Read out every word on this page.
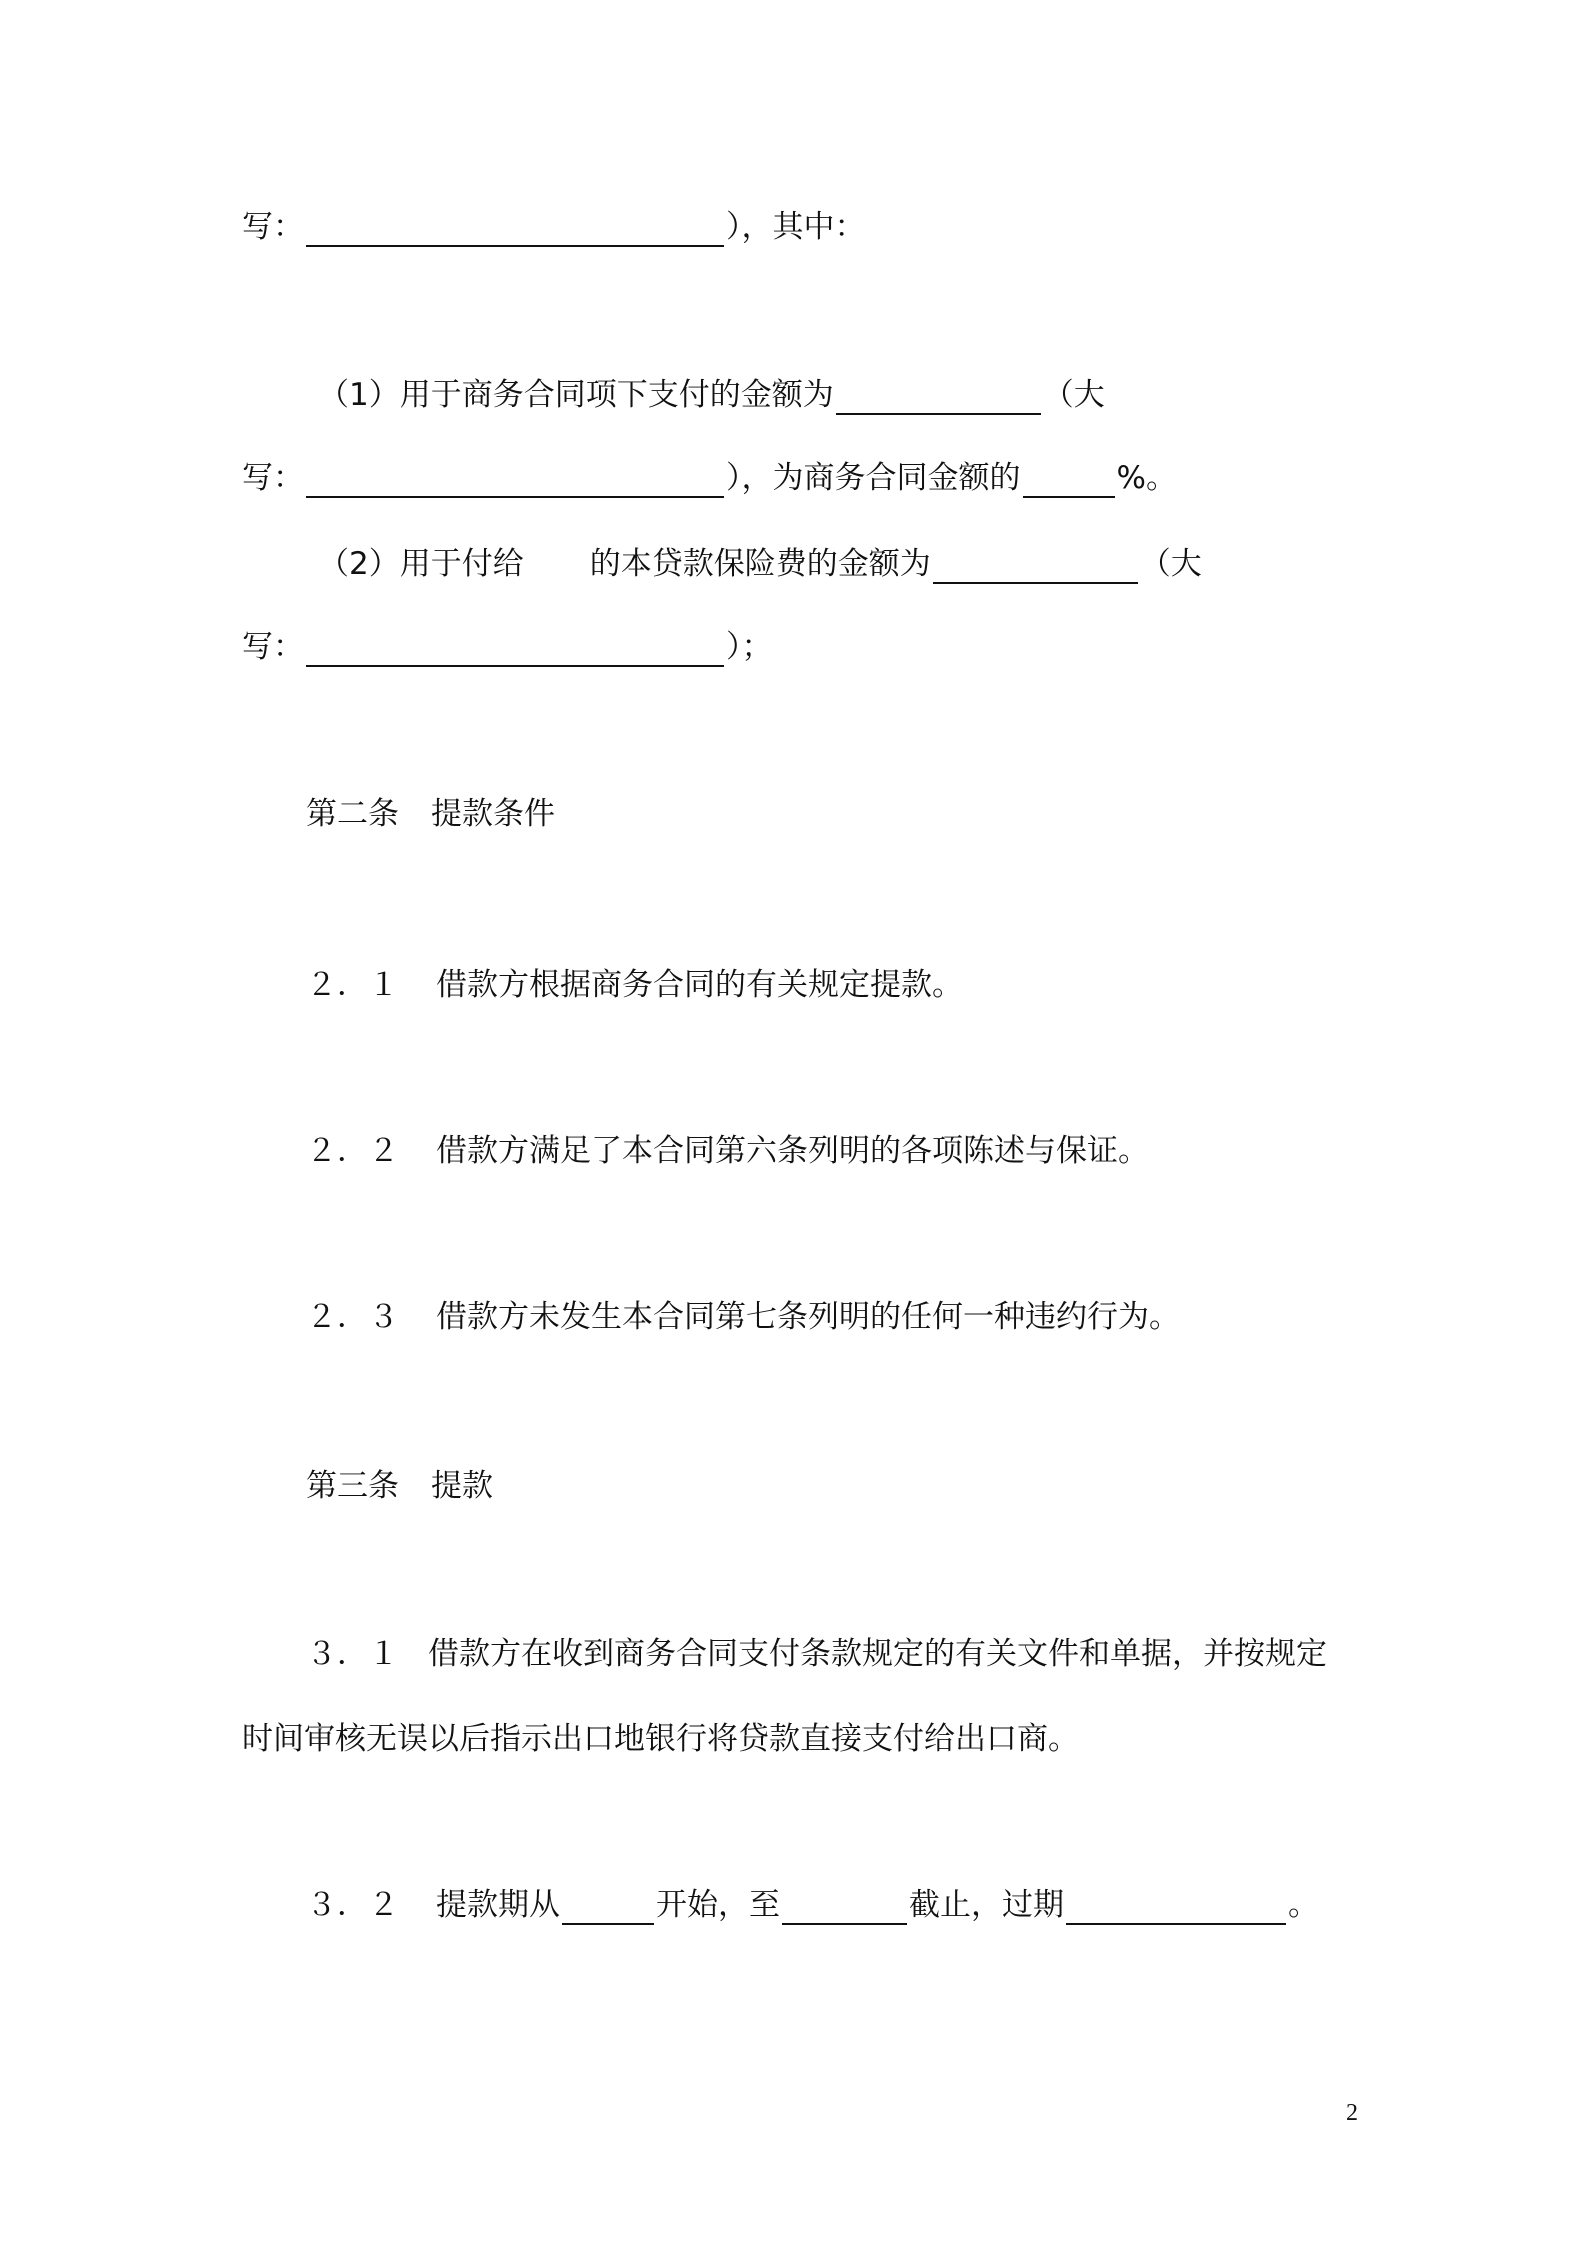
写：	），其中：
（1）用于商务合同项下支付的金额为	（大
写：	），为商务合同金额的	%。
（2）用于付给 的本贷款保险费的金额为	（大
写：	）；
第二条 提款条件
２．１ 借款方根据商务合同的有关规定提款。
２．２ 借款方满足了本合同第六条列明的各项陈述与保证。
２．３ 借款方未发生本合同第七条列明的任何一种违约行为。
第三条 提款
３．１ 借款方在收到商务合同支付条款规定的有关文件和单据，并按规定
时间审核无误以后指示出口地银行将贷款直接支付给出口商。
３．２ 提款期从	开始，至	截止，过期	。
2
